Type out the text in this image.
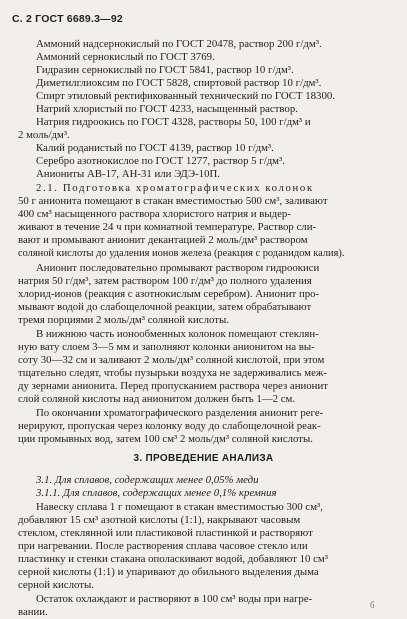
С. 2 ГОСТ 6689.3—92
Аммоний надсернокислый по ГОСТ 20478, раствор 200 г/дм³.
Аммоний сернокислый по ГОСТ 3769.
Гидразин сернокислый по ГОСТ 5841, раствор 10 г/дм³.
Диметилглиоксим по ГОСТ 5828, спиртовой раствор 10 г/дм³.
Спирт этиловый ректификованный технический по ГОСТ 18300.
Натрий хлористый по ГОСТ 4233, насыщенный раствор.
Натрия гидроокись по ГОСТ 4328, растворы 50, 100 г/дм³ и
2 моль/дм³.
Калий роданистый по ГОСТ 4139, раствор 10 г/дм³.
Серебро азотнокислое по ГОСТ 1277, раствор 5 г/дм³.
Аниониты АВ-17, АН-31 или ЭДЭ-10П.
2.1. Подготовка хроматографических колонок
50 г анионита помещают в стакан вместимостью 500 см³, заливают
400 см³ насыщенного раствора хлористого натрия и выдер-
живают в течение 24 ч при комнатной температуре. Раствор сли-
вают и промывают анионит декантацией 2 моль/дм³ раствором
соляной кислоты до удаления ионов железа (реакция с роданидом калия).
Анионит последовательно промывают раствором гидроокиси
натрия 50 г/дм³, затем раствором 100 г/дм³ до полного удаления
хлорид-ионов (реакция с азотнокислым серебром). Анионит про-
мывают водой до слабощелочной реакции, затем обрабатывают
тремя порциями 2 моль/дм³ соляной кислоты.
В нижнюю часть ионообменных колонок помещают стеклян-
ную вату слоем 3—5 мм и заполняют колонки анионитом на вы-
соту 30—32 см и заливают 2 моль/дм³ соляной кислотой, при этом
тщательно следят, чтобы пузырьки воздуха не задерживались меж-
ду зернами анионита. Перед пропусканием раствора через анионит
слой соляной кислоты над анионитом должен быть 1—2 см.
По окончании хроматографического разделения анионит реге-
нерируют, пропуская через колонку воду до слабощелочной реак-
ции промывных вод, затем 100 см³ 2 моль/дм³ соляной кислоты.
3. ПРОВЕДЕНИЕ АНАЛИЗА
3.1. Для сплавов, содержащих менее 0,05% меди
3.1.1. Для сплавов, содержащих менее 0,1% кремния
Навеску сплава 1 г помещают в стакан вместимостью 300 см³,
добавляют 15 см³ азотной кислоты (1:1), накрывают часовым
стеклом, стеклянной или пластиковой пластинкой и растворяют
при нагревании. После растворения сплава часовое стекло или
пластинку и стенки стакана ополаскивают водой, добавляют 10 см³
серной кислоты (1:1) и упаривают до обильного выделения дыма
серной кислоты.
Остаток охлаждают и растворяют в 100 см³ воды при нагре-
вании.
б
